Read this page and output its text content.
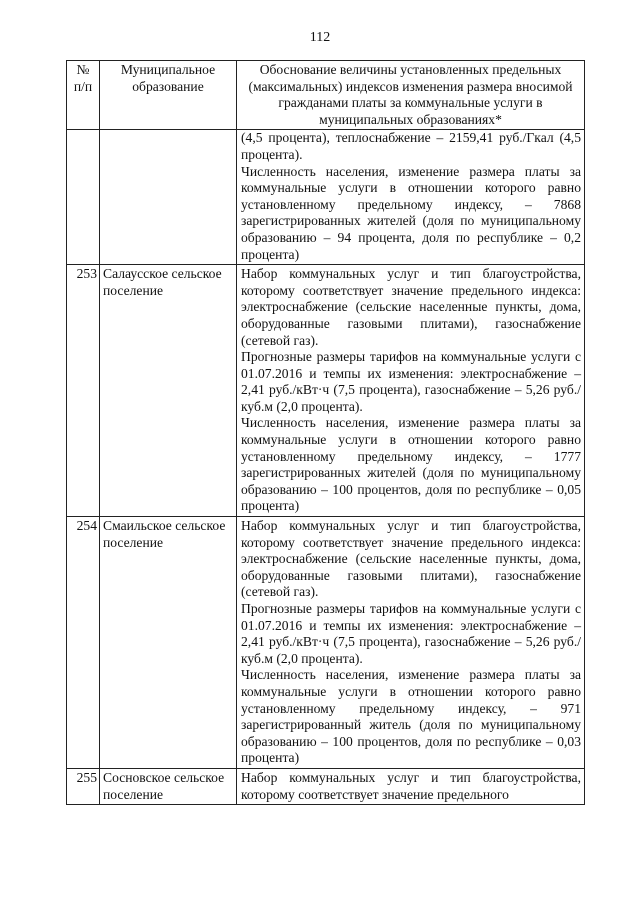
112
№ п/п	Муниципальное образование	Обоснование величины установленных предельных (максимальных) индексов изменения размера вносимой гражданами платы за коммунальные услуги в муниципальных образованиях*

		(4,5 процента), теплоснабжение – 2159,41 руб./Гкал (4,5 процента).

Численность населения, изменение размера платы за коммунальные услуги в отношении которого равно установленному предельному индексу, – 7868 зарегистрированных жителей (доля по муниципальному образованию – 94 процента, доля по республике – 0,2 процента)

253	Салаусское сельское поселение	Набор коммунальных услуг и тип благоустройства, которому соответствует значение предельного индекса: электроснабжение (сельские населенные пункты, дома, оборудованные газовыми плитами), газоснабжение (сетевой газ).

Прогнозные размеры тарифов на коммунальные услуги с 01.07.2016 и темпы их изменения: электроснабжение – 2,41 руб./кВт·ч (7,5 процента), газоснабжение – 5,26 руб./куб.м (2,0 процента).

Численность населения, изменение размера платы за коммунальные услуги в отношении которого равно установленному предельному индексу, – 1777 зарегистрированных жителей (доля по муниципальному образованию – 100 процентов, доля по республике – 0,05 процента)

254	Смаильское сельское поселение	Набор коммунальных услуг и тип благоустройства, которому соответствует значение предельного индекса: электроснабжение (сельские населенные пункты, дома, оборудованные газовыми плитами), газоснабжение (сетевой газ).

Прогнозные размеры тарифов на коммунальные услуги с 01.07.2016 и темпы их изменения: электроснабжение – 2,41 руб./кВт·ч (7,5 процента), газоснабжение – 5,26 руб./куб.м (2,0 процента).

Численность населения, изменение размера платы за коммунальные услуги в отношении которого равно установленному предельному индексу, – 971 зарегистрированный житель (доля по муниципальному образованию – 100 процентов, доля по республике – 0,03 процента)

255	Сосновское сельское поселение	Набор коммунальных услуг и тип благоустройства, которому соответствует значение предельного
